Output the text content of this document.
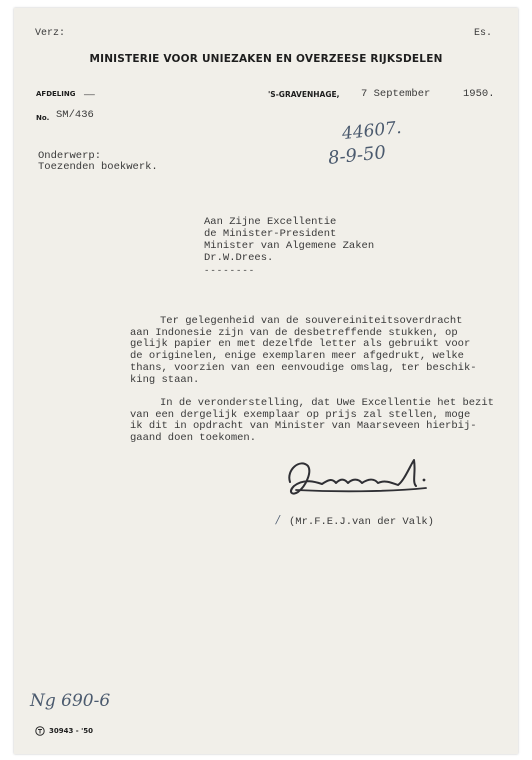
Verz:	Es.
MINISTERIE VOOR UNIEZAKEN EN OVERZEESE RIJKSDELEN
AFDELING ——	'S-GRAVENHAGE, 7 September	1950.
No. SM/436
Onderwerp:
Toezenden boekwerk.
44607.
8-9-50
Aan Zijne Excellentie
de Minister-President
Minister van Algemene Zaken
Dr.W.Drees.
--------
Ter gelegenheid van de souvereiniteitsoverdracht
aan Indonesie zijn van de desbetreffende stukken, op
gelijk papier en met dezelfde letter als gebruikt voor
de originelen, enige exemplaren meer afgedrukt, welke
thans, voorzien van een eenvoudige omslag, ter beschik-
king staan.
In de veronderstelling, dat Uwe Excellentie het bezit
van een dergelijk exemplaar op prijs zal stellen, moge
ik dit in opdracht van Minister van Maarseveen hierbij-
gaand doen toekomen.
/ (Mr.F.E.J.van der Valk)
Ng 690-6
30943 - '50
